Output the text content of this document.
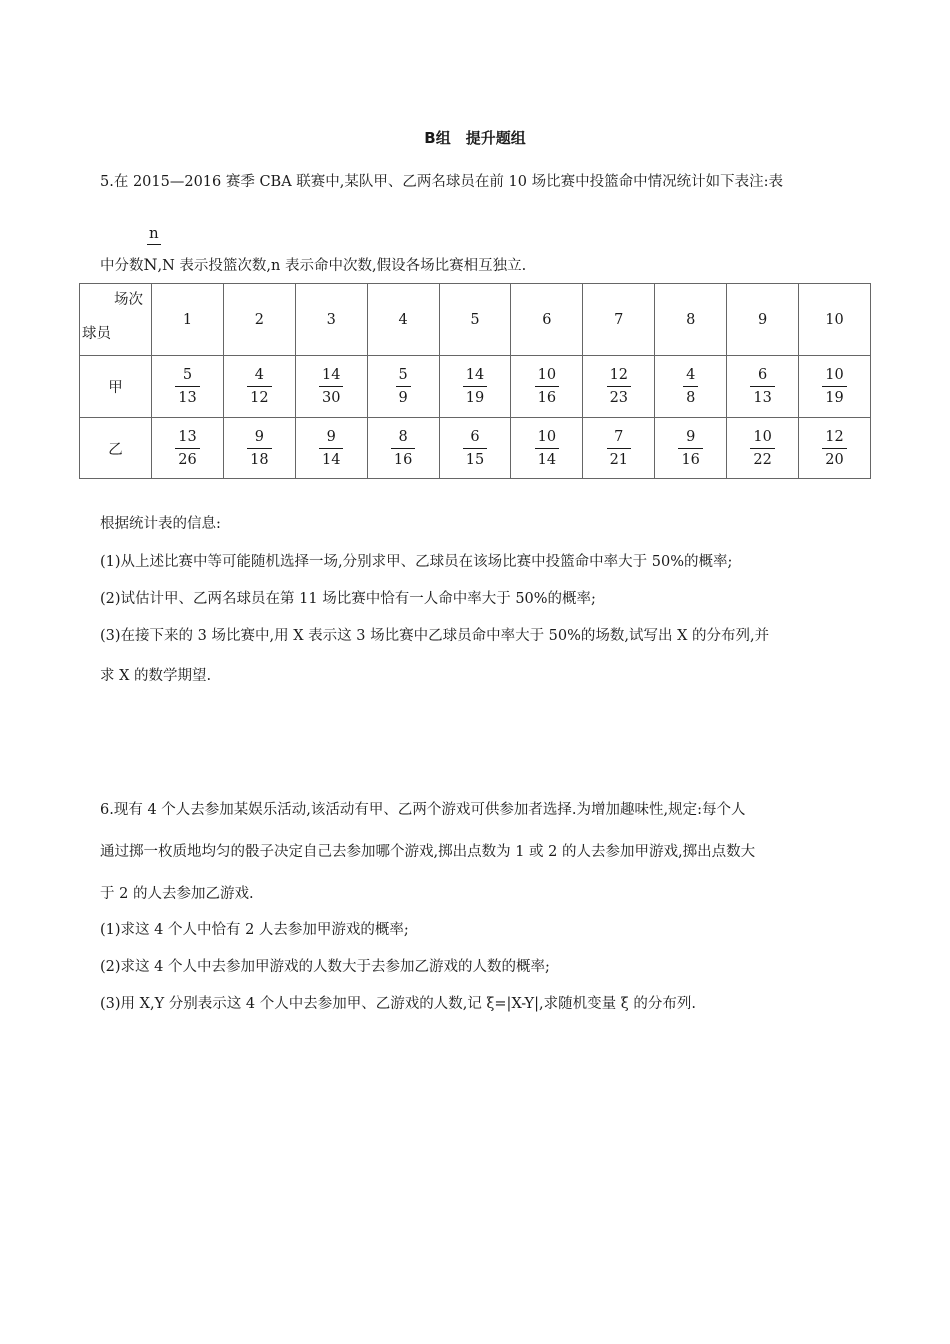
B组　提升题组
5.在 2015—2016 赛季 CBA 联赛中,某队甲、乙两名球员在前 10 场比赛中投篮命中情况统计如下表注:表
n
中分数N,N 表示投篮次数,n 表示命中次数,假设各场比赛相互独立.
场次
球员	1	2	3	4	5	6	7	8	9	10
甲	$\frac{5}{13}$	$\frac{4}{12}$	$\frac{14}{30}$	$\frac{5}{9}$	$\frac{14}{19}$	$\frac{10}{16}$	$\frac{12}{23}$	$\frac{4}{8}$	$\frac{6}{13}$	$\frac{10}{19}$

乙	$\frac{13}{26}$	$\frac{9}{18}$	$\frac{9}{14}$	$\frac{8}{16}$	$\frac{6}{15}$	$\frac{10}{14}$	$\frac{7}{21}$	$\frac{9}{16}$	$\frac{10}{22}$	$\frac{12}{20}$
根据统计表的信息:
(1)从上述比赛中等可能随机选择一场,分别求甲、乙球员在该场比赛中投篮命中率大于 50%的概率;
(2)试估计甲、乙两名球员在第 11 场比赛中恰有一人命中率大于 50%的概率;
(3)在接下来的 3 场比赛中,用 X 表示这 3 场比赛中乙球员命中率大于 50%的场数,试写出 X 的分布列,并
求 X 的数学期望.
6.现有 4 个人去参加某娱乐活动,该活动有甲、乙两个游戏可供参加者选择.为增加趣味性,规定:每个人
通过掷一枚质地均匀的骰子决定自己去参加哪个游戏,掷出点数为 1 或 2 的人去参加甲游戏,掷出点数大
于 2 的人去参加乙游戏.
(1)求这 4 个人中恰有 2 人去参加甲游戏的概率;
(2)求这 4 个人中去参加甲游戏的人数大于去参加乙游戏的人数的概率;
(3)用 X,Y 分别表示这 4 个人中去参加甲、乙游戏的人数,记 ξ=|X-Y|,求随机变量 ξ 的分布列.
